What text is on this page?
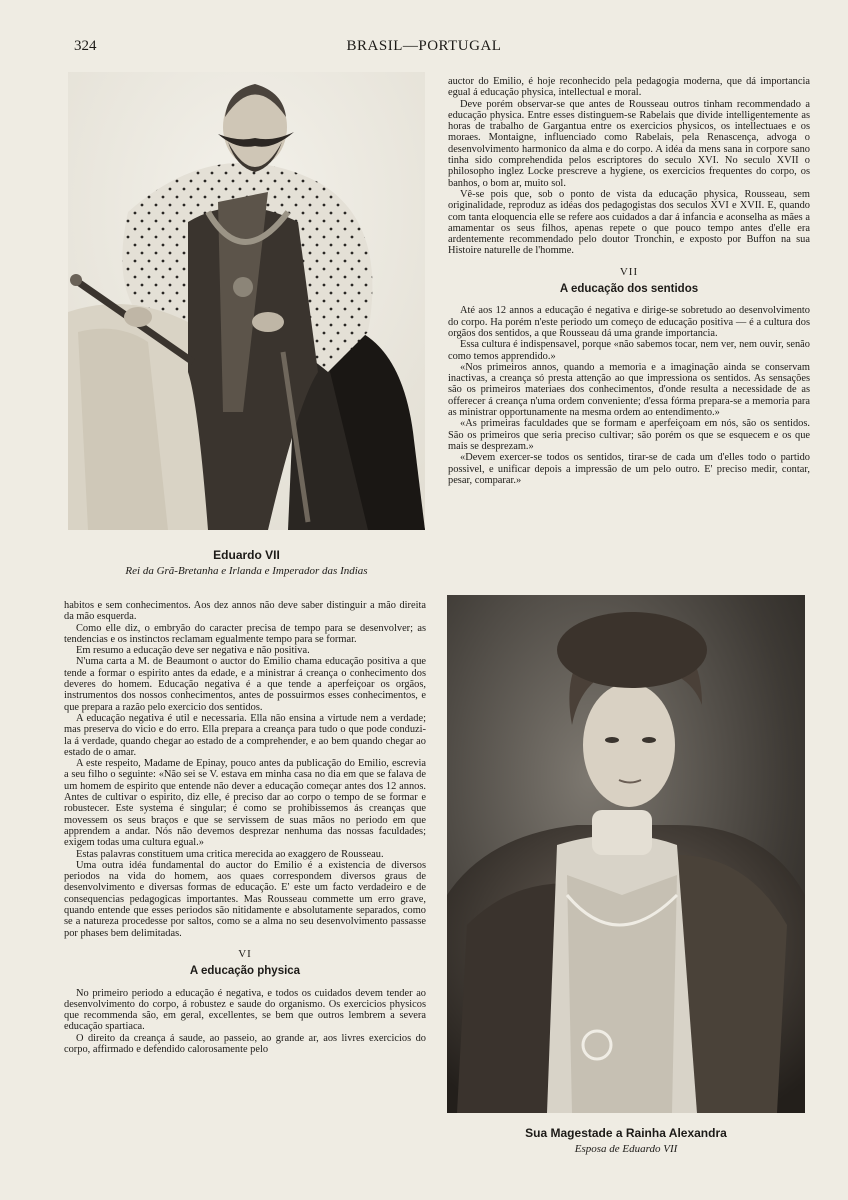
324	BRASIL—PORTUGAL
Eduardo VII
Rei da Grã-Bretanha e Irlanda e Imperador das Indias

auctor do Emilio, é hoje reconhecido pela pedagogia moderna, que dá importancia egual á educação physica, intellectual e moral.

Deve porém observar-se que antes de Rousseau outros tinham recommendado a educação physica. Entre esses distinguem-se Rabelais que divide intelligentemente as horas de trabalho de Gargantua entre os exercicios physicos, os intellectuaes e os moraes. Montaigne, influenciado como Rabelais, pela Renascença, advoga o desenvolvimento harmonico da alma e do corpo. A idéa da mens sana in corpore sano tinha sido comprehendida pelos escriptores do seculo XVI. No seculo XVII o philosopho inglez Locke prescreve a hygiene, os exercicios frequentes do corpo, os banhos, o bom ar, muito sol.

Vê-se pois que, sob o ponto de vista da educação physica, Rousseau, sem originalidade, reproduz as idéas dos pedagogistas dos seculos XVI e XVII. E, quando com tanta eloquencia elle se refere aos cuidados a dar á infancia e aconselha as mães a amamentar os seus filhos, apenas repete o que pouco tempo antes d'elle era ardentemente recommendado pelo doutor Tronchin, e exposto por Buffon na sua Histoire naturelle de l'homme.

VII
A educação dos sentidos

Até aos 12 annos a educação é negativa e dirige-se sobretudo ao desenvolvimento do corpo. Ha porém n'este periodo um começo de educação positiva — é a cultura dos orgãos dos sentidos, a que Rousseau dá uma grande importancia.

Essa cultura é indispensavel, porque «não sabemos tocar, nem ver, nem ouvir, senão como temos apprendido.»

«Nos primeiros annos, quando a memoria e a imaginação ainda se conservam inactivas, a creança só presta attenção ao que impressiona os sentidos. As sensações são os primeiros materiaes dos conhecimentos, d'onde resulta a necessidade de as offerecer á creança n'uma ordem conveniente; d'essa fórma prepara-se a memoria para as ministrar opportunamente na mesma ordem ao entendimento.»

«As primeiras faculdades que se formam e aperfeiçoam em nós, são os sentidos. São os primeiros que seria preciso cultivar; são porém os que se esquecem e os que mais se desprezam.»

«Devem exercer-se todos os sentidos, tirar-se de cada um d'elles todo o partido possivel, e unificar depois a impressão de um pelo outro. E' preciso medir, contar, pesar, comparar.»

habitos e sem conhecimentos. Aos dez annos não deve saber distinguir a mão direita da mão esquerda.

Como elle diz, o embryão do caracter precisa de tempo para se desenvolver; as tendencias e os instinctos reclamam egualmente tempo para se formar.

Em resumo a educação deve ser negativa e não positiva.

N'uma carta a M. de Beaumont o auctor do Emilio chama educação positiva a que tende a formar o espirito antes da edade, e a ministrar á creança o conhecimento dos deveres do homem. Educação negativa é a que tende a aperfeiçoar os orgãos, instrumentos dos nossos conhecimentos, antes de possuirmos esses conhecimentos, e que prepara a razão pelo exercicio dos sentidos.

A educação negativa é util e necessaria. Ella não ensina a virtude nem a verdade; mas preserva do vicio e do erro. Ella prepara a creança para tudo o que pode conduzi-la á verdade, quando chegar ao estado de a comprehender, e ao bem quando chegar ao estado de o amar.

A este respeito, Madame de Epinay, pouco antes da publicação do Emilio, escrevia a seu filho o seguinte: «Não sei se V. estava em minha casa no dia em que se falava de um homem de espirito que entende não dever a educação começar antes dos 12 annos. Antes de cultivar o espirito, diz elle, é preciso dar ao corpo o tempo de se formar e robustecer. Este systema é singular; é como se prohibissemos ás creanças que movessem os seus braços e que se servissem de suas mãos no periodo em que apprendem a andar. Nós não devemos desprezar nenhuma das nossas faculdades; exigem todas uma cultura egual.»

Estas palavras constituem uma critica merecida ao exaggero de Rousseau.

Uma outra idéa fundamental do auctor do Emilio é a existencia de diversos periodos na vida do homem, aos quaes correspondem diversos graus de desenvolvimento e diversas formas de educação. E' este um facto verdadeiro e de consequencias pedagogicas importantes. Mas Rousseau commette um erro grave, quando entende que esses periodos são nitidamente e absolutamente separados, como se a natureza procedesse por saltos, como se a alma no seu desenvolvimento passasse por phases bem delimitadas.

VI
A educação physica

No primeiro periodo a educação é negativa, e todos os cuidados devem tender ao desenvolvimento do corpo, á robustez e saude do organismo. Os exercicios physicos que recommenda são, em geral, excellentes, se bem que outros lembrem a severa educação spartiaca.

O direito da creança á saude, ao passeio, ao grande ar, aos livres exercicios do corpo, affirmado e defendido calorosamente pelo

Sua Magestade a Rainha Alexandra
Esposa de Eduardo VII
